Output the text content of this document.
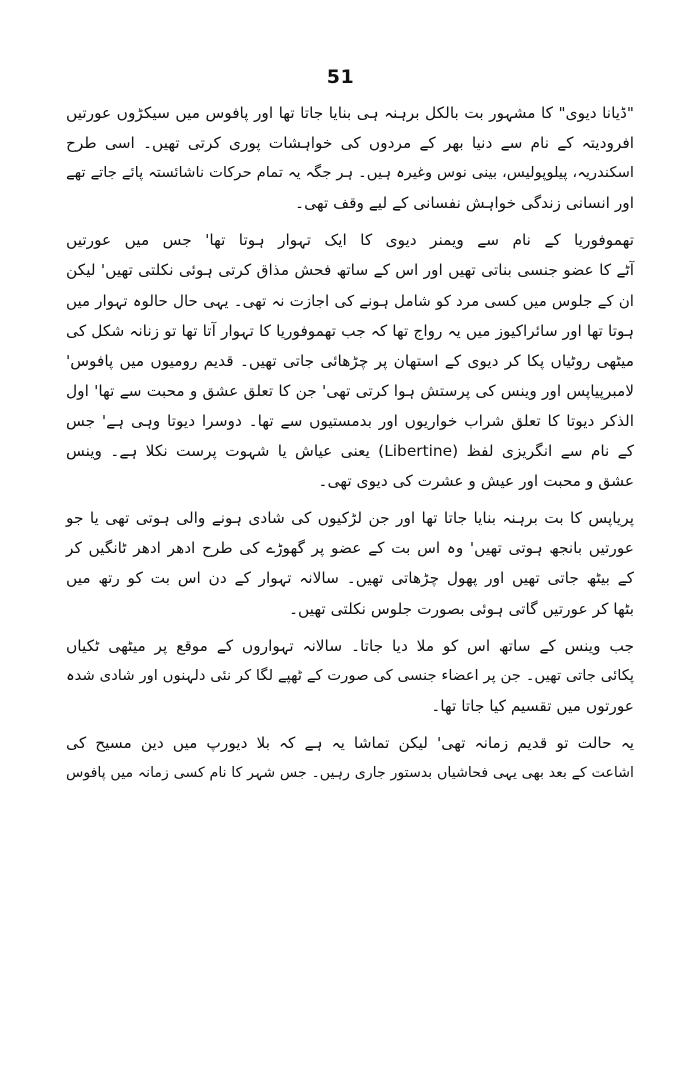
51

"ڈیانا دیوی" کا مشہور بت بالکل برہنہ ہی بنایا جاتا تھا اور پافوس میں سیکڑوں عورتیں
افرودیتہ کے نام سے دنیا بھر کے مردوں کی خواہشات پوری کرتی تھیں۔ اسی طرح
اسکندریہ، پیلوپولیس، بینی نوس وغیرہ ہیں۔ ہر جگہ یہ تمام حرکات ناشائستہ پائے جاتے تھے
اور انسانی زندگی خواہش نفسانی کے لیے وقف تھی۔

تھموفوریا کے نام سے ویمنر دیوی کا ایک تہوار ہوتا تھا' جس میں عورتیں
آٹے کا عضو جنسی بناتی تھیں اور اس کے ساتھ فحش مذاق کرتی ہوئی نکلتی تھیں' لیکن
ان کے جلوس میں کسی مرد کو شامل ہونے کی اجازت نہ تھی۔ یہی حال حالوہ تہوار میں
ہوتا تھا اور سائراکیوز میں یہ رواج تھا کہ جب تھموفوریا کا تہوار آتا تھا تو زنانہ شکل کی
میٹھی روٹیاں پکا کر دیوی کے استھان پر چڑھائی جاتی تھیں۔ قدیم رومیوں میں پافوس'
لامبرپیاپس اور وینس کی پرستش ہوا کرتی تھی' جن کا تعلق عشق و محبت سے تھا' اول
الذکر دیوتا کا تعلق شراب خواریوں اور بدمستیوں سے تھا۔ دوسرا دیوتا وہی ہے' جس
کے نام سے انگریزی لفظ (Libertine) یعنی عیاش یا شہوت پرست نکلا ہے۔ وینس
عشق و محبت اور عیش و عشرت کی دیوی تھی۔

پریاپس کا بت برہنہ بنایا جاتا تھا اور جن لڑکیوں کی شادی ہونے والی ہوتی تھی یا جو
عورتیں بانجھ ہوتی تھیں' وہ اس بت کے عضو پر گھوڑے کی طرح ادھر ادھر ٹانگیں کر
کے بیٹھ جاتی تھیں اور پھول چڑھاتی تھیں۔ سالانہ تہوار کے دن اس بت کو رتھ میں
بٹھا کر عورتیں گاتی ہوئی بصورت جلوس نکلتی تھیں۔

جب وینس کے ساتھ اس کو ملا دیا جاتا۔ سالانہ تہواروں کے موقع پر میٹھی ٹکیاں
پکائی جاتی تھیں۔ جن پر اعضاء جنسی کی صورت کے ٹھپے لگا کر نئی دلہنوں اور شادی شدہ
عورتوں میں تقسیم کیا جاتا تھا۔

یہ حالت تو قدیم زمانہ تھی' لیکن تماشا یہ ہے کہ بلا دیورپ میں دین مسیح کی
اشاعت کے بعد بھی یہی فحاشیاں بدستور جاری رہیں۔ جس شہر کا نام کسی زمانہ میں پافوس
